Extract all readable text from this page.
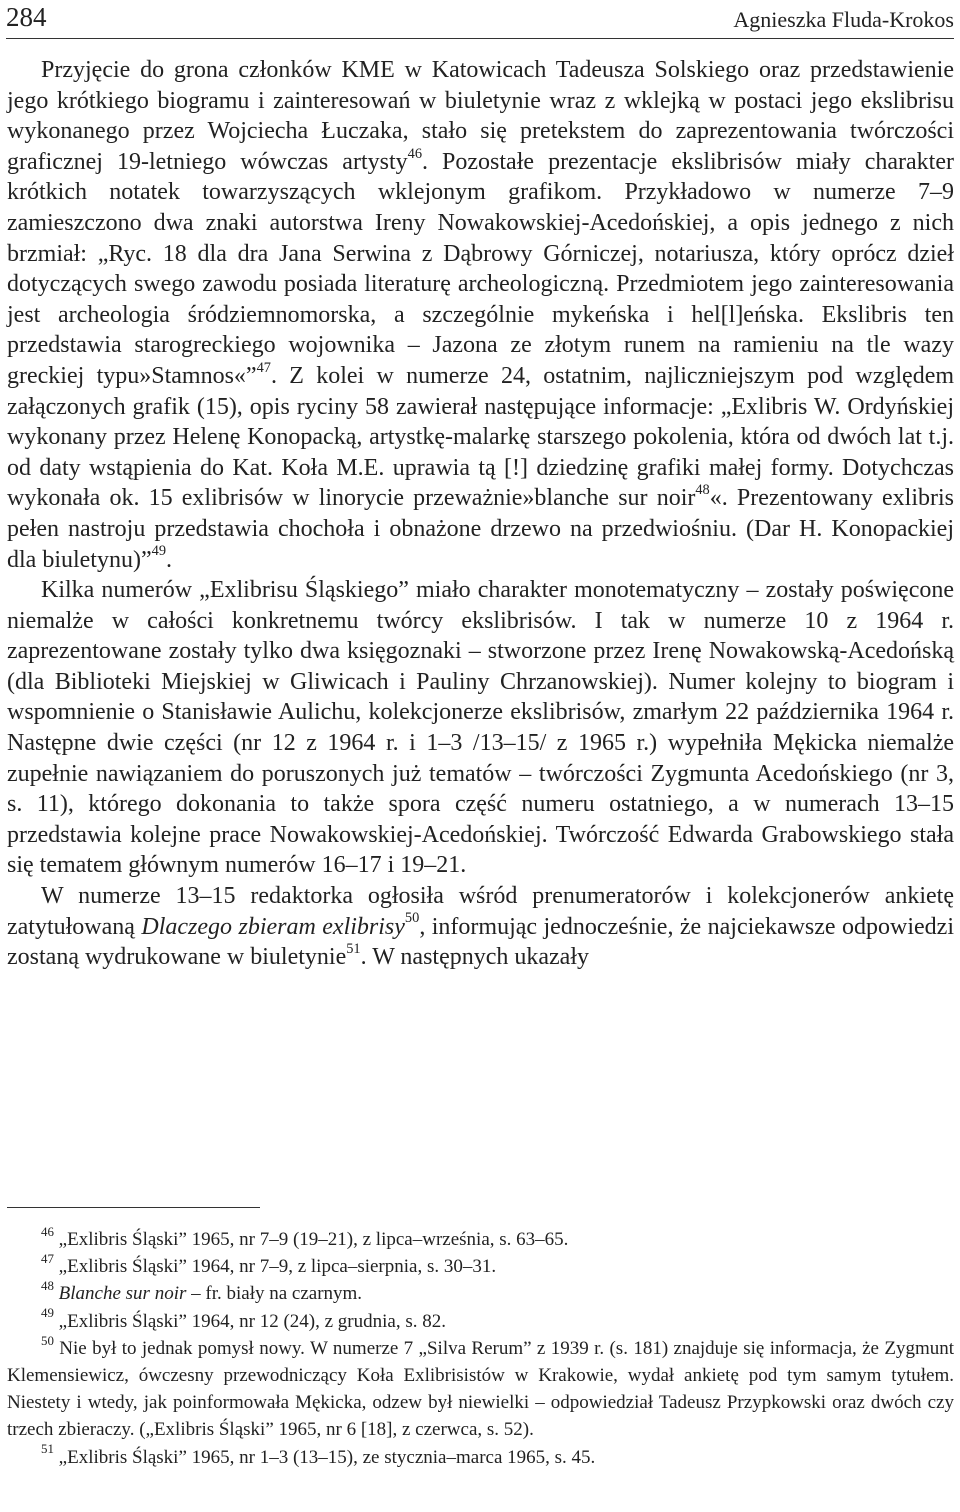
284	Agnieszka Fluda-Krokos

Przyjęcie do grona członków KME w Katowicach Tadeusza Solskiego oraz przedstawienie jego krótkiego biogramu i zainteresowań w biuletynie wraz z wklejką w postaci jego ekslibrisu wykonanego przez Wojciecha Łuczaka, stało się pretekstem do zaprezentowania twórczości graficznej 19-letniego wówczas artysty$^{46}$. Pozostałe prezentacje ekslibrisów miały charakter krótkich notatek towarzyszących wklejonym grafikom. Przykładowo w numerze 7–9 zamieszczono dwa znaki autorstwa Ireny Nowakowskiej-Acedońskiej, a opis jednego z nich brzmiał: „Ryc. 18 dla dra Jana Serwina z Dąbrowy Górniczej, notariusza, który oprócz dzieł dotyczących swego zawodu posiada literaturę archeologiczną. Przedmiotem jego zainteresowania jest archeologia śródziemnomorska, a szczególnie mykeńska i hel[l]eńska. Ekslibris ten przedstawia starogreckiego wojownika – Jazona ze złotym runem na ramieniu na tle wazy greckiej typu»Stamnos«”$^{47}$. Z kolei w numerze 24, ostatnim, najliczniejszym pod względem załączonych grafik (15), opis ryciny 58 zawierał następujące informacje: „Exlibris W. Ordyńskiej wykonany przez Helenę Konopacką, artystkę-malarkę starszego pokolenia, która od dwóch lat t.j. od daty wstąpienia do Kat. Koła M.E. uprawia tą [!] dziedzinę grafiki małej formy. Dotychczas wykonała ok. 15 exlibrisów w linorycie przeważnie»blanche sur noir$^{48}$«. Prezentowany exlibris pełen nastroju przedstawia chochoła i obnażone drzewo na przedwiośniu. (Dar H. Konopackiej dla biuletynu)”$^{49}$.

Kilka numerów „Exlibrisu Śląskiego” miało charakter monotematyczny – zostały poświęcone niemalże w całości konkretnemu twórcy ekslibrisów. I tak w numerze 10 z 1964 r. zaprezentowane zostały tylko dwa księgoznaki – stworzone przez Irenę Nowakowską-Acedońską (dla Biblioteki Miejskiej w Gliwicach i Pauliny Chrzanowskiej). Numer kolejny to biogram i wspomnienie o Stanisławie Aulichu, kolekcjonerze ekslibrisów, zmarłym 22 października 1964 r. Następne dwie części (nr 12 z 1964 r. i 1–3 /13–15/ z 1965 r.) wypełniła Mękicka niemalże zupełnie nawiązaniem do poruszonych już tematów – twórczości Zygmunta Acedońskiego (nr 3, s. 11), którego dokonania to także spora część numeru ostatniego, a w numerach 13–15 przedstawia kolejne prace Nowakowskiej-Acedońskiej. Twórczość Edwarda Grabowskiego stała się tematem głównym numerów 16–17 i 19–21.

W numerze 13–15 redaktorka ogłosiła wśród prenumeratorów i kolekcjonerów ankietę zatytułowaną Dlaczego zbieram exlibrisy$^{50}$, informując jednocześnie, że najciekawsze odpowiedzi zostaną wydrukowane w biuletynie$^{51}$. W następnych ukazały

$^{46}$ „Exlibris Śląski” 1965, nr 7–9 (19–21), z lipca–września, s. 63–65.

$^{47}$ „Exlibris Śląski” 1964, nr 7–9, z lipca–sierpnia, s. 30–31.

$^{48}$ Blanche sur noir – fr. biały na czarnym.

$^{49}$ „Exlibris Śląski” 1964, nr 12 (24), z grudnia, s. 82.

$^{50}$ Nie był to jednak pomysł nowy. W numerze 7 „Silva Rerum” z 1939 r. (s. 181) znajduje się informacja, że Zygmunt Klemensiewicz, ówczesny przewodniczący Koła Exlibrisistów w Krakowie, wydał ankietę pod tym samym tytułem. Niestety i wtedy, jak poinformowała Mękicka, odzew był niewielki – odpowiedział Tadeusz Przypkowski oraz dwóch czy trzech zbieraczy. („Exlibris Śląski” 1965, nr 6 [18], z czerwca, s. 52).

$^{51}$ „Exlibris Śląski” 1965, nr 1–3 (13–15), ze stycznia–marca 1965, s. 45.
